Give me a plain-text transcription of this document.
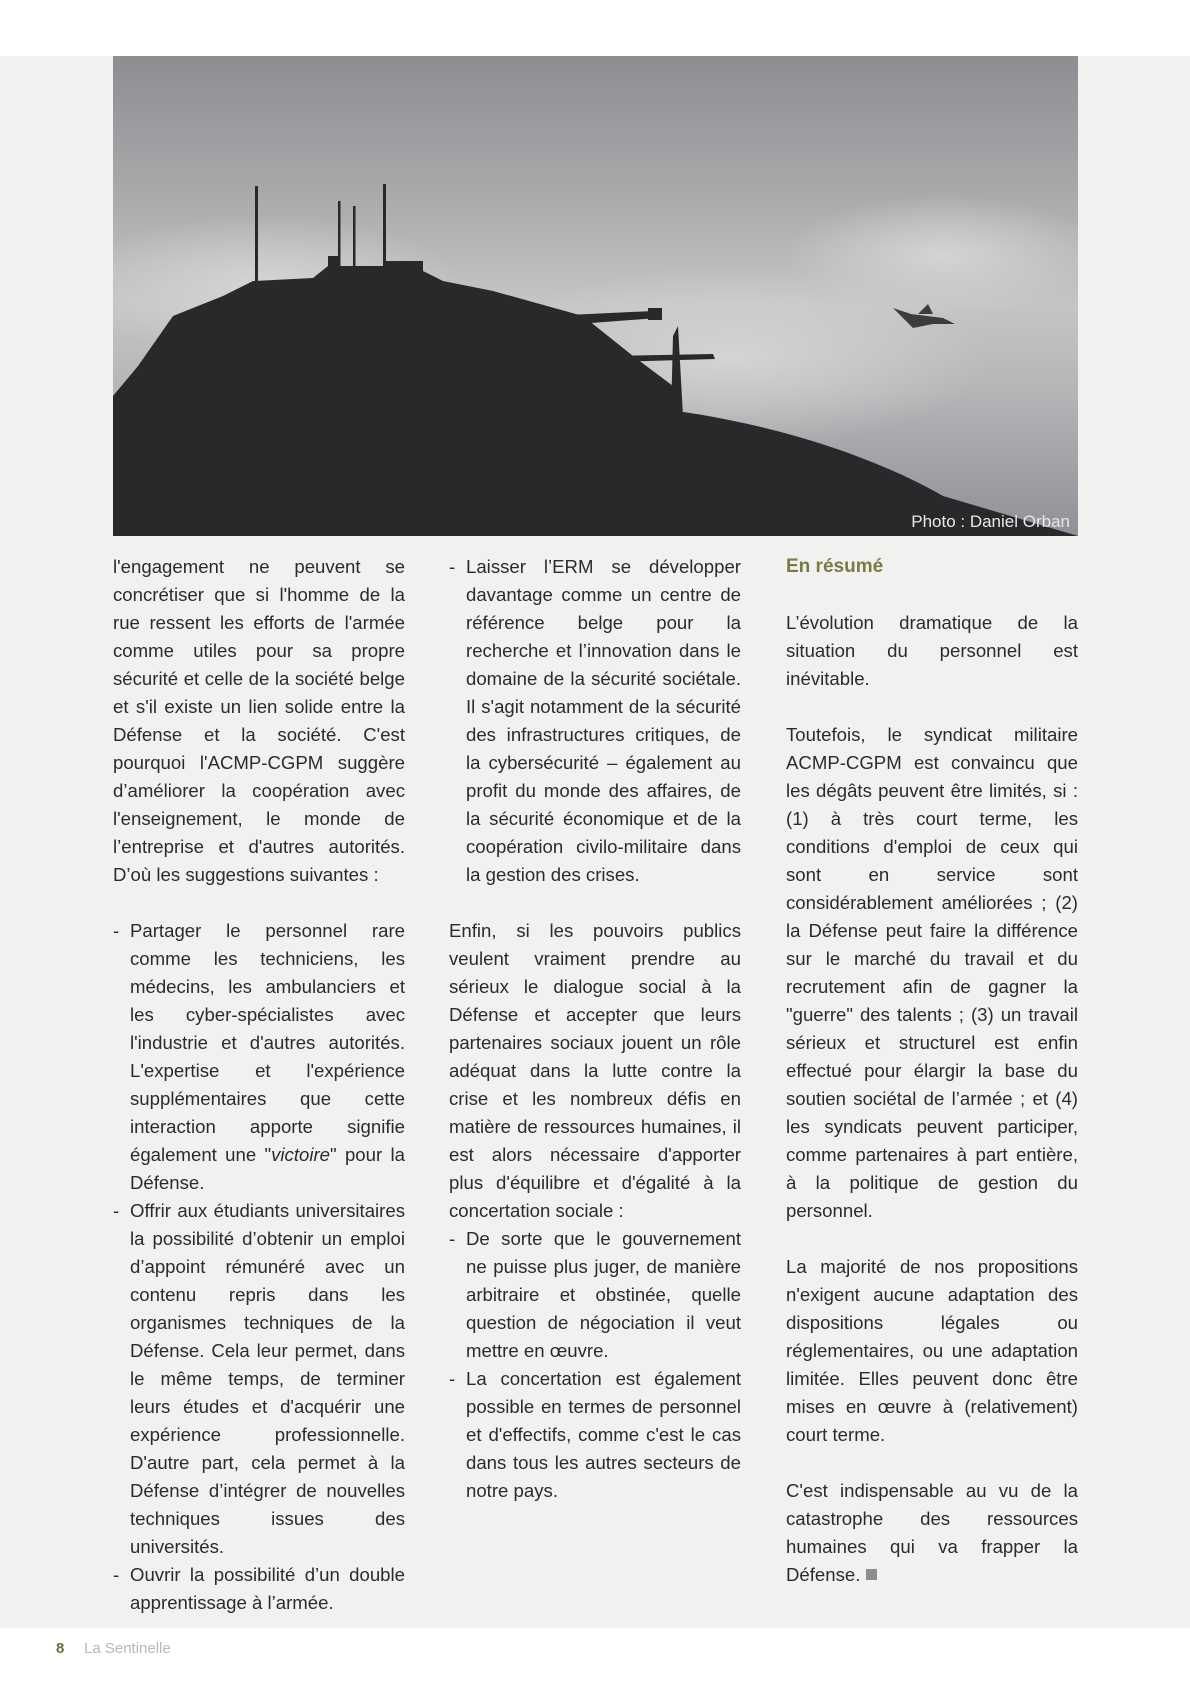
Photo : Daniel Orban

l'engagement ne peuvent se concrétiser que si l'homme de la rue ressent les efforts de l'armée comme utiles pour sa propre sécurité et celle de la société belge et s'il existe un lien solide entre la Défense et la société. C'est pourquoi l'ACMP-CGPM suggère d’améliorer la coopération avec l'enseignement, le monde de l’entreprise et d'autres autorités. D’où les suggestions suivantes :

- Partager le personnel rare comme les techniciens, les médecins, les ambulanciers et les cyber-spécialistes avec l'industrie et d'autres autorités. L'expertise et l'expérience supplémentaires que cette interaction apporte signifie également une "victoire" pour la Défense.
- Offrir aux étudiants universitaires la possibilité d’obtenir un emploi d’appoint rémunéré avec un contenu repris dans les organismes techniques de la Défense. Cela leur permet, dans le même temps, de terminer leurs études et d'acquérir une expérience professionnelle. D'autre part, cela permet à la Défense d’intégrer de nouvelles techniques issues des universités.
- Ouvrir la possibilité d’un double apprentissage à l’armée.
- Laisser l’ERM se développer davantage comme un centre de référence belge pour la recherche et l’innovation dans le domaine de la sécurité sociétale. Il s'agit notamment de la sécurité des infrastructures critiques, de la cybersécurité – également au profit du monde des affaires, de la sécurité économique et de la coopération civilo-militaire dans la gestion des crises.

Enfin, si les pouvoirs publics veulent vraiment prendre au sérieux le dialogue social à la Défense et accepter que leurs partenaires sociaux jouent un rôle adéquat dans la lutte contre la crise et les nombreux défis en matière de ressources humaines, il est alors nécessaire d'apporter plus d'équilibre et d'égalité à la concertation sociale :

- De sorte que le gouvernement ne puisse plus juger, de manière arbitraire et obstinée, quelle question de négociation il veut mettre en œuvre.
- La concertation est également possible en termes de personnel et d'effectifs, comme c'est le cas dans tous les autres secteurs de notre pays.
En résumé

L’évolution dramatique de la situation du personnel est inévitable.

Toutefois, le syndicat militaire ACMP-CGPM est convaincu que les dégâts peuvent être limités, si : (1) à très court terme, les conditions d'emploi de ceux qui sont en service sont considérablement améliorées ; (2) la Défense peut faire la différence sur le marché du travail et du recrutement afin de gagner la "guerre" des talents ; (3) un travail sérieux et structurel est enfin effectué pour élargir la base du soutien sociétal de l’armée ; et (4) les syndicats peuvent participer, comme partenaires à part entière, à la politique de gestion du personnel.

La majorité de nos propositions n'exigent aucune adaptation des dispositions légales ou réglementaires, ou une adaptation limitée. Elles peuvent donc être mises en œuvre à (relativement) court terme.

C'est indispensable au vu de la catastrophe des ressources humaines qui va frapper la Défense.

8 La Sentinelle
